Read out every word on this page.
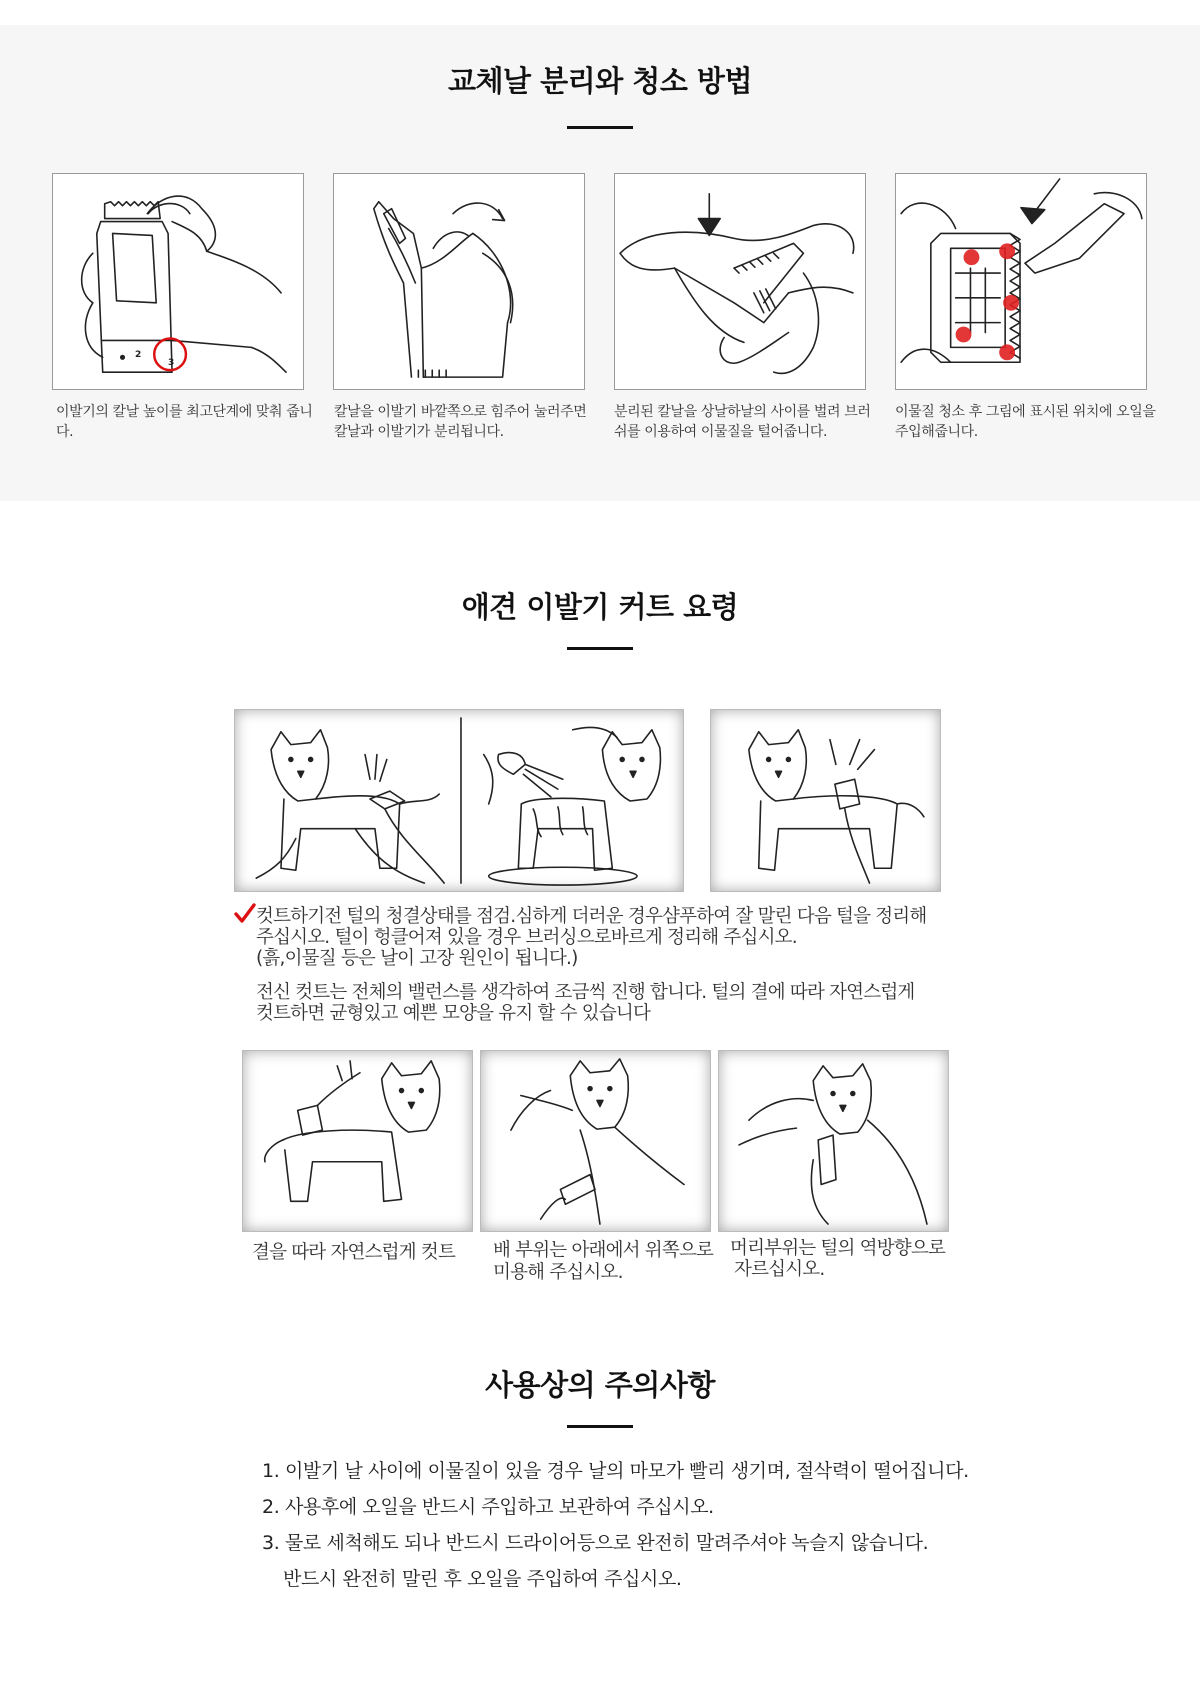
교체날 분리와 청소 방법
2
3
이발기의 칼날 높이를 최고단계에 맞춰 줍니다.
칼날을 이발기 바깥쪽으로 힘주어 눌러주면 칼날과 이발기가 분리됩니다.
분리된 칼날을 상날하날의 사이를 벌려 브러쉬를 이용하여 이물질을 털어줍니다.
이물질 청소 후 그림에 표시된 위치에 오일을 주입해줍니다.
애견 이발기 커트 요령
컷트하기전 털의 청결상태를 점검.심하게 더러운 경우샴푸하여 잘 말린 다음 털을 정리해
주십시오. 털이 헝클어져 있을 경우 브러싱으로바르게 정리해 주십시오.
(흙,이물질 등은 날이 고장 원인이 됩니다.)
전신 컷트는 전체의 밸런스를 생각하여 조금씩 진행 합니다. 털의 결에 따라 자연스럽게
컷트하면 균형있고 예쁜 모양을 유지 할 수 있습니다
결을 따라 자연스럽게 컷트 배 부위는 아래에서 위쪽으로
미용해 주십시오.
머리부위는 털의 역방향으로
자르십시오.
사용상의 주의사항
1. 이발기 날 사이에 이물질이 있을 경우 날의 마모가 빨리 생기며, 절삭력이 떨어집니다.
2. 사용후에 오일을 반드시 주입하고 보관하여 주십시오.
3. 물로 세척해도 되나 반드시 드라이어등으로 완전히 말려주셔야 녹슬지 않습니다.
반드시 완전히 말린 후 오일을 주입하여 주십시오.
